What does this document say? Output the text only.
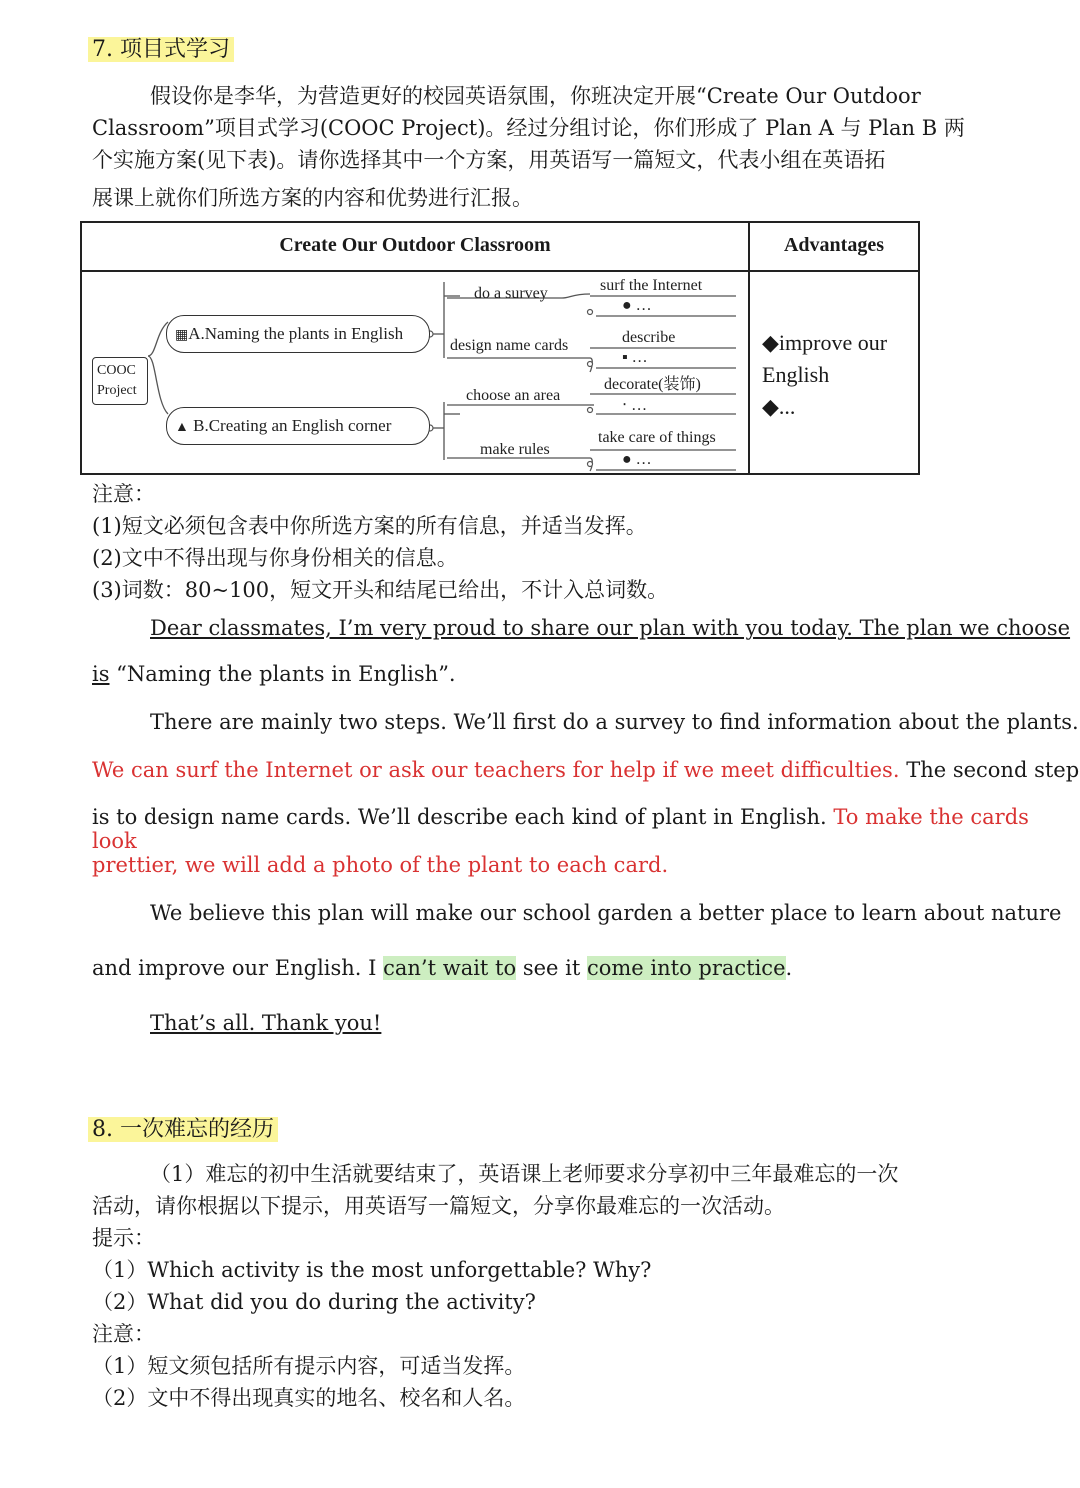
7. 项目式学习
假设你是李华，为营造更好的校园英语氛围，你班决定开展“Create Our Outdoor
Classroom”项目式学习(COOC Project)。经过分组讨论，你们形成了 Plan A 与 Plan B 两
个实施方案(见下表)。请你选择其中一个方案，用英语写一篇短文，代表小组在英语拓
展课上就你们所选方案的内容和优势进行汇报。
Create Our Outdoor Classroom	Advantages
COOC
Project
▦A.Naming the plants in English
▲ B.Creating an English corner
do a survey
design name cards
choose an area
make rules
surf the Internet
● …
describe
▪ …
decorate(装饰)
‧ …
take care of things
● …
◆improve our
English
◆...
注意：
(1)短文必须包含表中你所选方案的所有信息，并适当发挥。
(2)文中不得出现与你身份相关的信息。
(3)词数：80~100，短文开头和结尾已给出，不计入总词数。
Dear classmates, I’m very proud to share our plan with you today. The plan we choose
is “Naming the plants in English”.
There are mainly two steps. We’ll first do a survey to find information about the plants.
We can surf the Internet or ask our teachers for help if we meet difficulties. The second step
is to design name cards. We’ll describe each kind of plant in English. To make the cards look
prettier, we will add a photo of the plant to each card.
We believe this plan will make our school garden a better place to learn about nature
and improve our English. I can’t wait to see it come into practice.
That’s all. Thank you!
8. 一次难忘的经历
（1）难忘的初中生活就要结束了，英语课上老师要求分享初中三年最难忘的一次
活动，请你根据以下提示，用英语写一篇短文，分享你最难忘的一次活动。
提示：
（1）Which activity is the most unforgettable? Why?
（2）What did you do during the activity?
注意：
（1）短文须包括所有提示内容，可适当发挥。
（2）文中不得出现真实的地名、校名和人名。
